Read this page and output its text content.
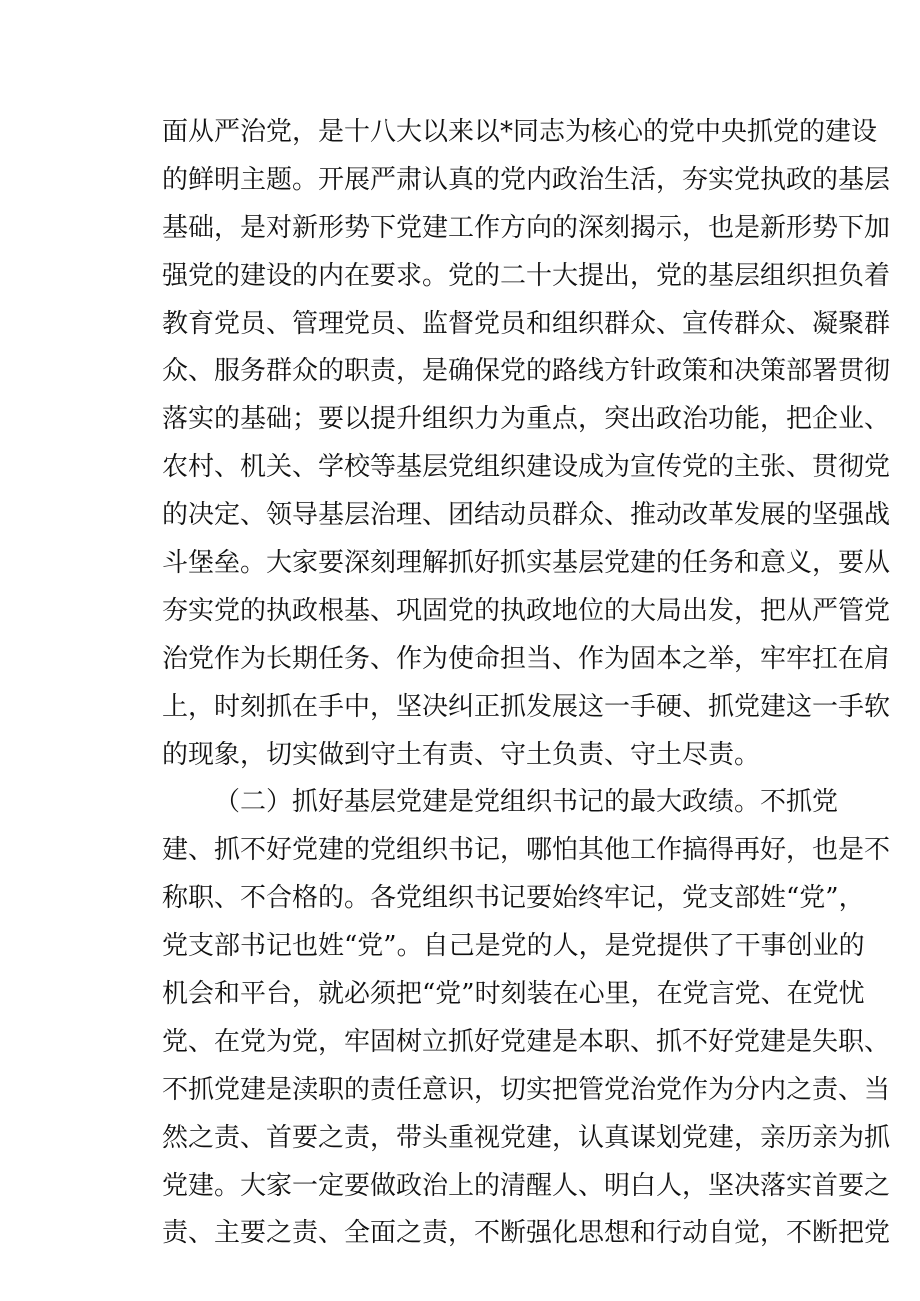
面从严治党，是十八大以来以*同志为核心的党中央抓党的建设
的鲜明主题。开展严肃认真的党内政治生活，夯实党执政的基层
基础，是对新形势下党建工作方向的深刻揭示，也是新形势下加
强党的建设的内在要求。党的二十大提出，党的基层组织担负着
教育党员、管理党员、监督党员和组织群众、宣传群众、凝聚群
众、服务群众的职责，是确保党的路线方针政策和决策部署贯彻
落实的基础；要以提升组织力为重点，突出政治功能，把企业、
农村、机关、学校等基层党组织建设成为宣传党的主张、贯彻党
的决定、领导基层治理、团结动员群众、推动改革发展的坚强战
斗堡垒。大家要深刻理解抓好抓实基层党建的任务和意义，要从
夯实党的执政根基、巩固党的执政地位的大局出发，把从严管党
治党作为长期任务、作为使命担当、作为固本之举，牢牢扛在肩
上，时刻抓在手中，坚决纠正抓发展这一手硬、抓党建这一手软
的现象，切实做到守土有责、守土负责、守土尽责。
（二）抓好基层党建是党组织书记的最大政绩。不抓党
建、抓不好党建的党组织书记，哪怕其他工作搞得再好，也是不
称职、不合格的。各党组织书记要始终牢记，党支部姓“党”，
党支部书记也姓“党”。自己是党的人，是党提供了干事创业的
机会和平台，就必须把“党”时刻装在心里，在党言党、在党忧
党、在党为党，牢固树立抓好党建是本职、抓不好党建是失职、
不抓党建是渎职的责任意识，切实把管党治党作为分内之责、当
然之责、首要之责，带头重视党建，认真谋划党建，亲历亲为抓
党建。大家一定要做政治上的清醒人、明白人，坚决落实首要之
责、主要之责、全面之责，不断强化思想和行动自觉，不断把党
